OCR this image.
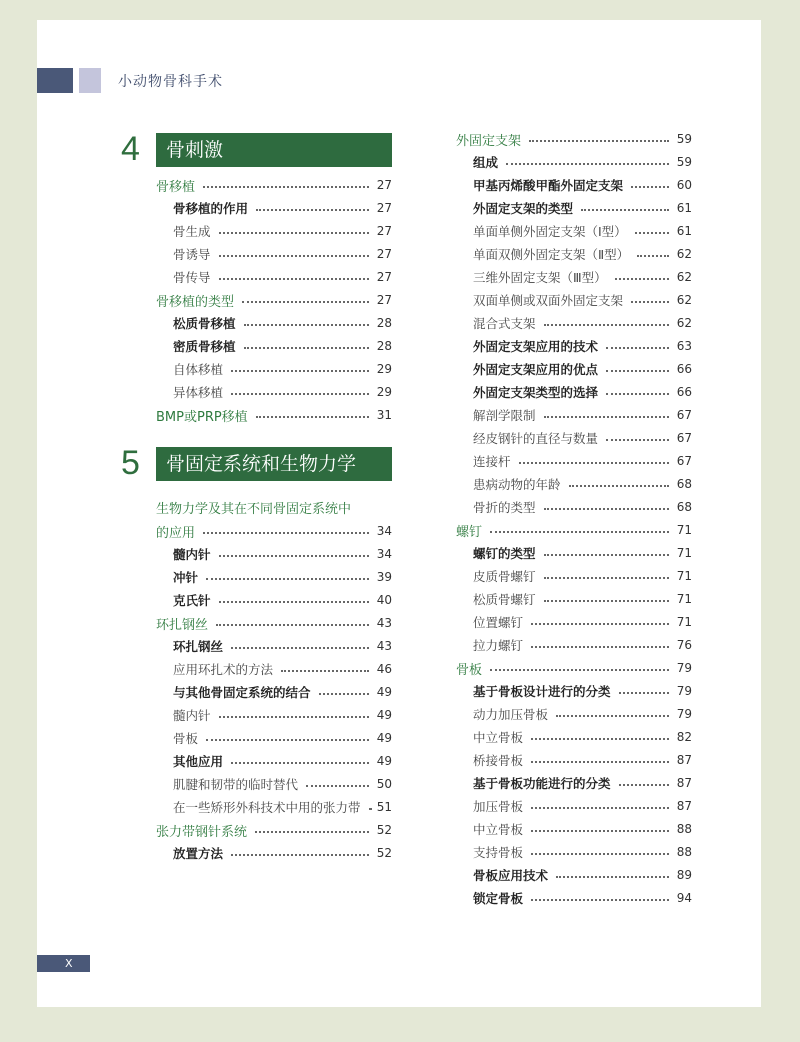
小动物骨科手术
4	骨刺激
5	骨固定系统和生物力学
生物力学及其在不同骨固定系统中
骨移植	27
骨移植的作用	27
骨生成	27
骨诱导	27
骨传导	27
骨移植的类型	27
松质骨移植	28
密质骨移植	28
自体移植	29
异体移植	29
BMP或PRP移植	31
的应用	34
髓内针	34
冲针	39
克氏针	40
环扎钢丝	43
环扎钢丝	43
应用环扎术的方法	46
与其他骨固定系统的结合	49
髓内针	49
骨板	49
其他应用	49
肌腱和韧带的临时替代	50
在一些矫形外科技术中用的张力带 51
张力带钢针系统	52
放置方法	52
外固定支架	59
组成	59
甲基丙烯酸甲酯外固定支架	60
外固定支架的类型	61
单面单侧外固定支架（Ⅰ型）	61
单面双侧外固定支架（Ⅱ型）	62
三维外固定支架（Ⅲ型）	62
双面单侧或双面外固定支架	62
混合式支架	62
外固定支架应用的技术	63
外固定支架应用的优点	66
外固定支架类型的选择	66
解剖学限制	67
经皮钢针的直径与数量	67
连接杆	67
患病动物的年龄	68
骨折的类型	68
螺钉	71
螺钉的类型	71
皮质骨螺钉	71
松质骨螺钉	71
位置螺钉	71
拉力螺钉	76
骨板	79
基于骨板设计进行的分类	79
动力加压骨板	79
中立骨板	82
桥接骨板	87
基于骨板功能进行的分类	87
加压骨板	87
中立骨板	88
支持骨板	88
骨板应用技术	89
锁定骨板	94
X
